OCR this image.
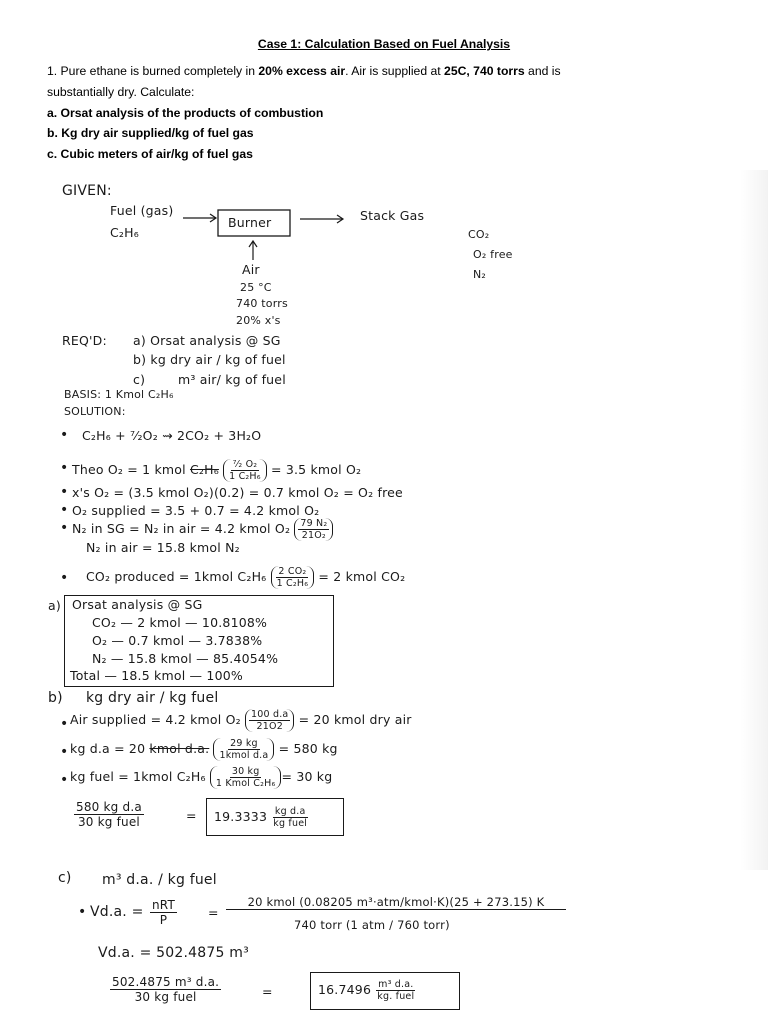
Case 1: Calculation Based on Fuel Analysis
1. Pure ethane is burned completely in 20% excess air. Air is supplied at 25C, 740 torrs and is
substantially dry. Calculate:
a. Orsat analysis of the products of combustion
b. Kg dry air supplied/kg of fuel gas
c. Cubic meters of air/kg of fuel gas
GIVEN:
Fuel (gas)
C₂H₆
Burner	Stack Gas
CO₂
O₂ free
N₂
Air
25 °C
740 torrs
20% x's
REQ'D: a) Orsat analysis @ SG
b) kg dry air / kg of fuel
c)	m³ air/ kg of fuel
BASIS: 1 Kmol C₂H₆
SOLUTION:
• C₂H₆ + ⁷⁄₂O₂ ⇝ 2CO₂ + 3H₂O
• Theo O₂ = 1 kmol $C_2H_6 \frac{\text{⁷⁄₂ O₂}}{\text{1 C₂H₆}} = 3.5$ kmol O₂
• x's O₂ = (3.5 kmol O₂)(0.2) = 0.7 kmol O₂ = O₂ free
• O₂ supplied = 3.5 + 0.7 = 4.2 kmol O₂
• N₂ in SG = N₂ in air = 4.2 kmol $O_2 \frac{\text{79 N₂}}{\text{21O₂}}$
N₂ in air = 15.8 kmol N₂
• CO₂ produced = 1kmol $C_2H_6 \frac{\text{2 CO₂}}{\text{1 C₂H₆}} = 2$ kmol CO₂
a) Orsat analysis @ SG
CO₂ — 2 kmol — 10.8108%
O₂ — 0.7 kmol — 3.7838%
N₂ — 15.8 kmol — 85.4054%
Total — 18.5 kmol — 100%
b) kg dry air / kg fuel
• Air supplied = 4.2 kmol $O_2 \frac{100 d.a}{21O2} = 20$ kmol dry air
• kg d.a = 20 kmol d.a. $\frac{29 kg}{\text{1kmol d.a}} = 580$ kg
• kg fuel = 1kmol $C_2H_6 \frac{30 kg}{\text{1 Kmol C₂H₆}} = 30$ kg
$\frac{\text{580 kg d.a}}{\text{30 kg fuel}}$	= $19.3333 \frac{\text{kg d.a}}{\text{kg fuel}}$
c) m³ d.a. / kg fuel
• Vd.a. = $\frac{\text{nRT}}{P}$ =
20 kmol (0.08205 m³·atm/kmol·K)(25 + 273.15) K
740 torr (1 atm / 760 torr)
Vd.a. = 502.4875 m³
$\frac{\text{502.4875 m³ d.a.}}{\text{30 kg fuel}}$	=	$16.7496 \frac{\text{m³ d.a.}}{\text{kg. fuel}}$
